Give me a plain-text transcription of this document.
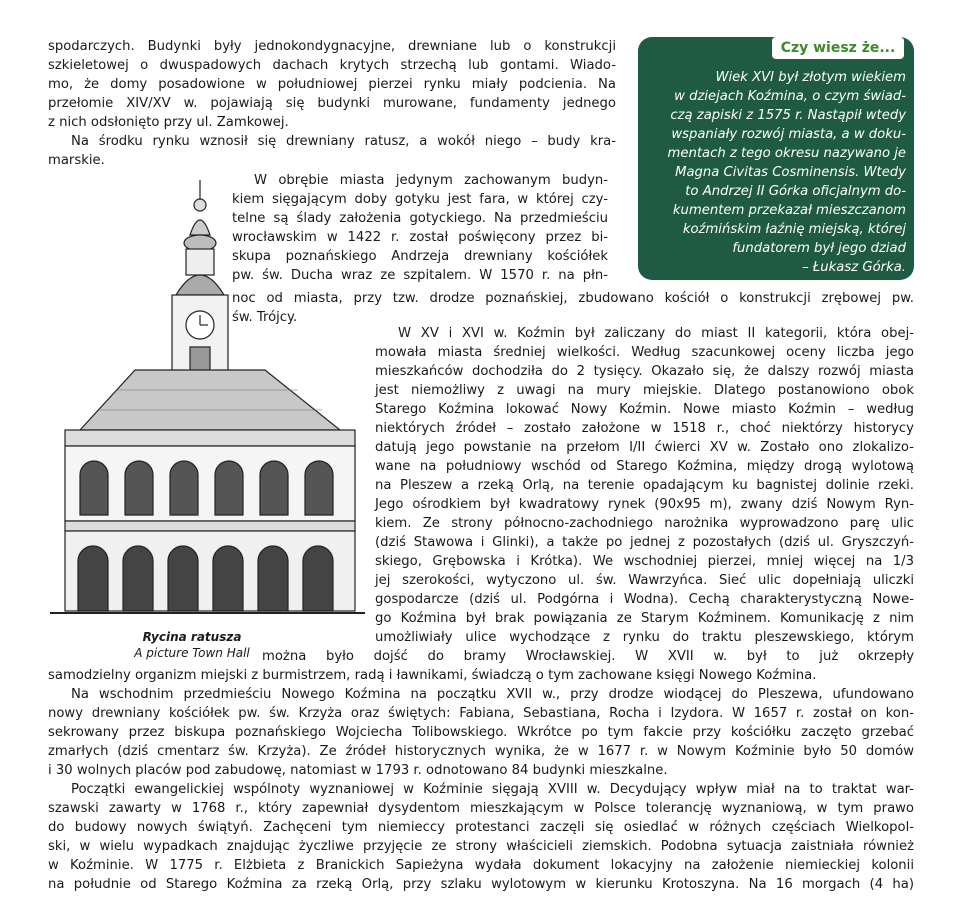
spodarczych. Budynki były jednokondygnacyjne, drewniane lub o konstrukcji

szkieletowej o dwuspadowych dachach krytych strzechą lub gontami. Wiado-

mo, że domy posadowione w południowej pierzei rynku miały podcienia. Na

przełomie XIV/XV w. pojawiają się budynki murowane, fundamenty jednego

z nich odsłonięto przy ul. Zamkowej.

Na środku rynku wznosił się drewniany ratusz, a wokół niego – budy kra-

marskie.

Czy wiesz że...

Wiek XVI był złotym wiekiem

w dziejach Koźmina, o czym świad-

czą zapiski z 1575 r. Nastąpił wtedy

wspaniały rozwój miasta, a w doku-

mentach z tego okresu nazywano je

Magna Civitas Cosminensis. Wtedy

to Andrzej II Górka oficjalnym do-

kumentem przekazał mieszczanom

koźmińskim łaźnię miejską, której

fundatorem był jego dziad

– Łukasz Górka.

W obrębie miasta jedynym zachowanym budyn-

kiem sięgającym doby gotyku jest fara, w której czy-

telne są ślady założenia gotyckiego. Na przedmieściu

wrocławskim w 1422 r. został poświęcony przez bi-

skupa poznańskiego Andrzeja drewniany kościółek

pw. św. Ducha wraz ze szpitalem. W 1570 r. na płn-

noc od miasta, przy tzw. drodze poznańskiej, zbudowano kościół o konstrukcji zrębowej pw.

św. Trójcy.

Rycina ratusza
A picture Town Hall

W XV i XVI w. Koźmin był zaliczany do miast II kategorii, która obej-

mowała miasta średniej wielkości. Według szacunkowej oceny liczba jego

mieszkańców dochodziła do 2 tysięcy. Okazało się, że dalszy rozwój miasta

jest niemożliwy z uwagi na mury miejskie. Dlatego postanowiono obok

Starego Koźmina lokować Nowy Koźmin. Nowe miasto Koźmin – według

niektórych źródeł – zostało założone w 1518 r., choć niektórzy historycy

datują jego powstanie na przełom I/II ćwierci XV w. Zostało ono zlokalizo-

wane na południowy wschód od Starego Koźmina, między drogą wylotową

na Pleszew a rzeką Orlą, na terenie opadającym ku bagnistej dolinie rzeki.

Jego ośrodkiem był kwadratowy rynek (90x95 m), zwany dziś Nowym Ryn-

kiem. Ze strony północno-zachodniego narożnika wyprowadzono parę ulic

(dziś Stawowa i Glinki), a także po jednej z pozostałych (dziś ul. Gryszczyń-

skiego, Grębowska i Krótka). We wschodniej pierzei, mniej więcej na 1/3

jej szerokości, wytyczono ul. św. Wawrzyńca. Sieć ulic dopełniają uliczki

gospodarcze (dziś ul. Podgórna i Wodna). Cechą charakterystyczną Nowe-

go Koźmina był brak powiązania ze Starym Koźminem. Komunikację z nim

umożliwiały ulice wychodzące z rynku do traktu pleszewskiego, którym

można było dojść do bramy Wrocławskiej. W XVII w. był to już okrzepły

samodzielny organizm miejski z burmistrzem, radą i ławnikami, świadczą o tym zachowane księgi Nowego Koźmina.

Na wschodnim przedmieściu Nowego Koźmina na początku XVII w., przy drodze wiodącej do Pleszewa, ufundowano

nowy drewniany kościółek pw. św. Krzyża oraz świętych: Fabiana, Sebastiana, Rocha i Izydora. W 1657 r. został on kon-

sekrowany przez biskupa poznańskiego Wojciecha Tolibowskiego. Wkrótce po tym fakcie przy kościółku zaczęto grzebać

zmarłych (dziś cmentarz św. Krzyża). Ze źródeł historycznych wynika, że w 1677 r. w Nowym Koźminie było 50 domów

i 30 wolnych placów pod zabudowę, natomiast w 1793 r. odnotowano 84 budynki mieszkalne.

Początki ewangelickiej wspólnoty wyznaniowej w Koźminie sięgają XVIII w. Decydujący wpływ miał na to traktat war-

szawski zawarty w 1768 r., który zapewniał dysydentom mieszkającym w Polsce tolerancję wyznaniową, w tym prawo

do budowy nowych świątyń. Zachęceni tym niemieccy protestanci zaczęli się osiedlać w różnych częściach Wielkopol-

ski, w wielu wypadkach znajdując życzliwe przyjęcie ze strony właścicieli ziemskich. Podobna sytuacja zaistniała również

w Koźminie. W 1775 r. Elżbieta z Branickich Sapieżyna wydała dokument lokacyjny na założenie niemieckiej kolonii

na południe od Starego Koźmina za rzeką Orlą, przy szlaku wylotowym w kierunku Krotoszyna. Na 16 morgach (4 ha)
